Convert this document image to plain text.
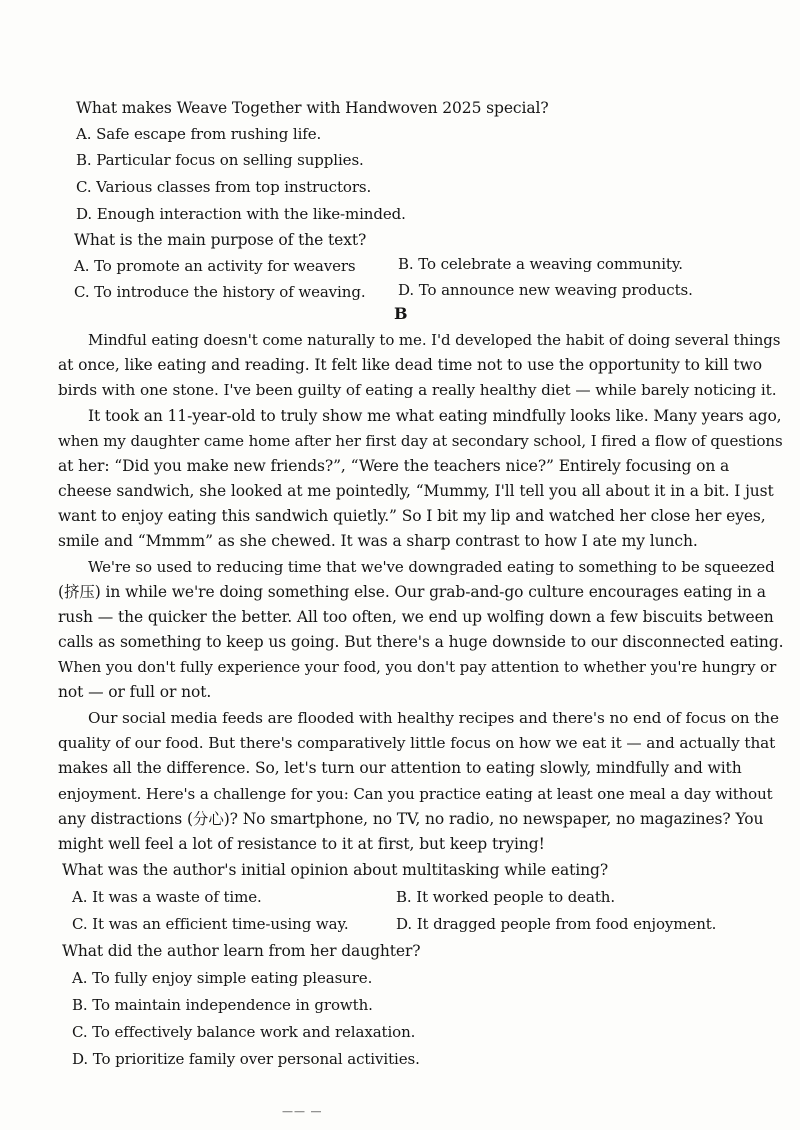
What makes Weave Together with Handwoven 2025 special?
A. Safe escape from rushing life.
B. Particular focus on selling supplies.
C. Various classes from top instructors.
D. Enough interaction with the like-minded.
What is the main purpose of the text?
A. To promote an activity for weavers	B. To celebrate a weaving community.
C. To introduce the history of weaving. D. To announce new weaving products.
B
Mindful eating doesn't come naturally to me. I'd developed the habit of doing several things
at once, like eating and reading. It felt like dead time not to use the opportunity to kill two
birds with one stone. I've been guilty of eating a really healthy diet — while barely noticing it.
It took an 11-year-old to truly show me what eating mindfully looks like. Many years ago,
when my daughter came home after her first day at secondary school, I fired a flow of questions
at her: “Did you make new friends?”, “Were the teachers nice?” Entirely focusing on a
cheese sandwich, she looked at me pointedly, “Mummy, I'll tell you all about it in a bit. I just
want to enjoy eating this sandwich quietly.” So I bit my lip and watched her close her eyes,
smile and “Mmmm” as she chewed. It was a sharp contrast to how I ate my lunch.
We're so used to reducing time that we've downgraded eating to something to be squeezed
(挤压) in while we're doing something else. Our grab-and-go culture encourages eating in a
rush — the quicker the better. All too often, we end up wolfing down a few biscuits between
calls as something to keep us going. But there's a huge downside to our disconnected eating.
When you don't fully experience your food, you don't pay attention to whether you're hungry or
not — or full or not.
Our social media feeds are flooded with healthy recipes and there's no end of focus on the
quality of our food. But there's comparatively little focus on how we eat it — and actually that
makes all the difference. So, let's turn our attention to eating slowly, mindfully and with
enjoyment. Here's a challenge for you: Can you practice eating at least one meal a day without
any distractions (分心)? No smartphone, no TV, no radio, no newspaper, no magazines? You
might well feel a lot of resistance to it at first, but keep trying!
What was the author's initial opinion about multitasking while eating?
A. It was a waste of time.	B. It worked people to death.
C. It was an efficient time-using way.	D. It dragged people from food enjoyment.
What did the author learn from her daughter?
A. To fully enjoy simple eating pleasure.
B. To maintain independence in growth.
C. To effectively balance work and relaxation.
D. To prioritize family over personal activities.
—— —
